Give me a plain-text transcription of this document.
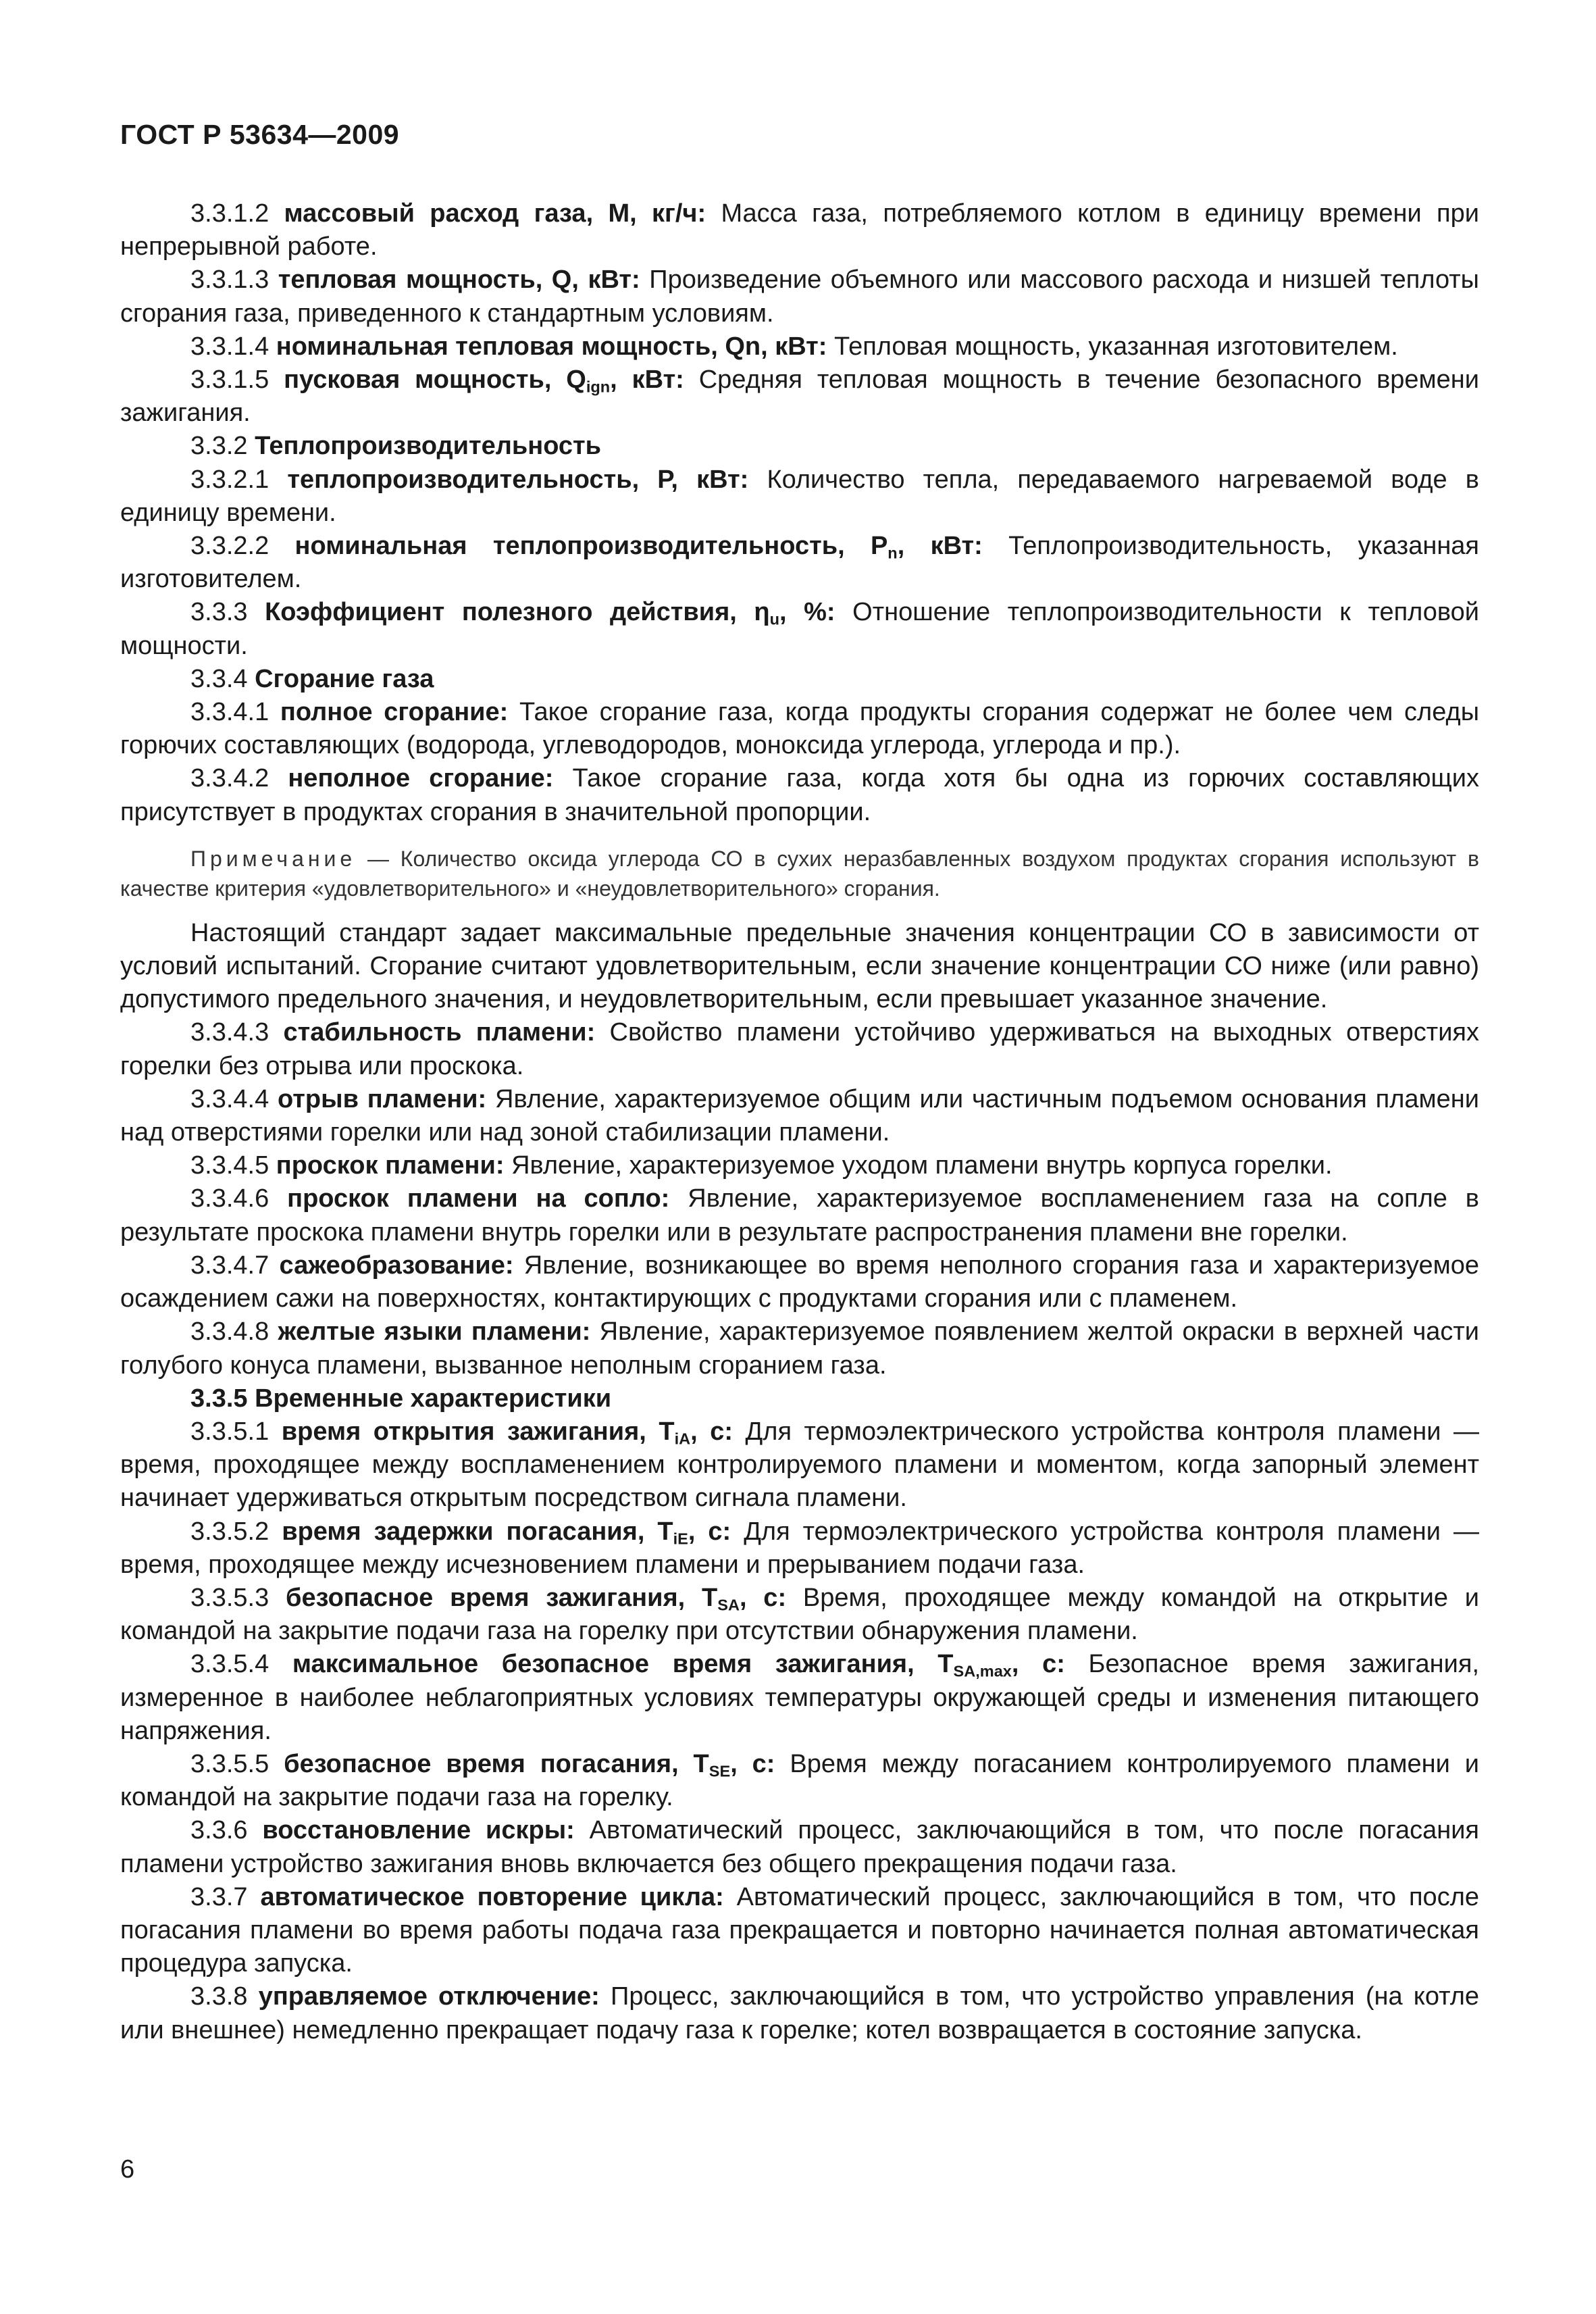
ГОСТ Р 53634—2009

3.3.1.2 массовый расход газа, М, кг/ч: Масса газа, потребляемого котлом в единицу времени при непрерывной работе.

3.3.1.3 тепловая мощность, Q, кВт: Произведение объемного или массового расхода и низшей теплоты сгорания газа, приведенного к стандартным условиям.

3.3.1.4 номинальная тепловая мощность, Qn, кВт: Тепловая мощность, указанная изготовителем.

3.3.1.5 пусковая мощность, $Q_{ign}$, кВт: Средняя тепловая мощность в течение безопасного времени зажигания.

3.3.2 Теплопроизводительность

3.3.2.1 теплопроизводительность, Р, кВт: Количество тепла, передаваемого нагреваемой воде в единицу времени.

3.3.2.2 номинальная теплопроизводительность, $Р_n$, кВт: Теплопроизводительность, указанная изготовителем.

3.3.3 Коэффициент полезного действия, $\eta_u$, %: Отношение теплопроизводительности к тепловой мощности.

3.3.4 Сгорание газа

3.3.4.1 полное сгорание: Такое сгорание газа, когда продукты сгорания содержат не более чем следы горючих составляющих (водорода, углеводородов, моноксида углерода, углерода и пр.).

3.3.4.2 неполное сгорание: Такое сгорание газа, когда хотя бы одна из горючих составляющих присутствует в продуктах сгорания в значительной пропорции.

Примечание — Количество оксида углерода СО в сухих неразбавленных воздухом продуктах сгорания используют в качестве критерия «удовлетворительного» и «неудовлетворительного» сгорания.

Настоящий стандарт задает максимальные предельные значения концентрации СО в зависимости от условий испытаний. Сгорание считают удовлетворительным, если значение концентрации СО ниже (или равно) допустимого предельного значения, и неудовлетворительным, если превышает указанное значение.

3.3.4.3 стабильность пламени: Свойство пламени устойчиво удерживаться на выходных отверстиях горелки без отрыва или проскока.

3.3.4.4 отрыв пламени: Явление, характеризуемое общим или частичным подъемом основания пламени над отверстиями горелки или над зоной стабилизации пламени.

3.3.4.5 проскок пламени: Явление, характеризуемое уходом пламени внутрь корпуса горелки.

3.3.4.6 проскок пламени на сопло: Явление, характеризуемое воспламенением газа на сопле в результате проскока пламени внутрь горелки или в результате распространения пламени вне горелки.

3.3.4.7 сажеобразование: Явление, возникающее во время неполного сгорания газа и характеризуемое осаждением сажи на поверхностях, контактирующих с продуктами сгорания или с пламенем.

3.3.4.8 желтые языки пламени: Явление, характеризуемое появлением желтой окраски в верхней части голубого конуса пламени, вызванное неполным сгоранием газа.

3.3.5 Временные характеристики

3.3.5.1 время открытия зажигания, $Т_{iA}$, с: Для термоэлектрического устройства контроля пламени — время, проходящее между воспламенением контролируемого пламени и моментом, когда запорный элемент начинает удерживаться открытым посредством сигнала пламени.

3.3.5.2 время задержки погасания, $Т_{iE}$, с: Для термоэлектрического устройства контроля пламени — время, проходящее между исчезновением пламени и прерыванием подачи газа.

3.3.5.3 безопасное время зажигания, $Т_{SA}$, с: Время, проходящее между командой на открытие и командой на закрытие подачи газа на горелку при отсутствии обнаружения пламени.

3.3.5.4 максимальное безопасное время зажигания, $Т_{SA,max}$, с: Безопасное время зажигания, измеренное в наиболее неблагоприятных условиях температуры окружающей среды и изменения питающего напряжения.

3.3.5.5 безопасное время погасания, $Т_{SE}$, с: Время между погасанием контролируемого пламени и командой на закрытие подачи газа на горелку.

3.3.6 восстановление искры: Автоматический процесс, заключающийся в том, что после погасания пламени устройство зажигания вновь включается без общего прекращения подачи газа.

3.3.7 автоматическое повторение цикла: Автоматический процесс, заключающийся в том, что после погасания пламени во время работы подача газа прекращается и повторно начинается полная автоматическая процедура запуска.

3.3.8 управляемое отключение: Процесс, заключающийся в том, что устройство управления (на котле или внешнее) немедленно прекращает подачу газа к горелке; котел возвращается в состояние запуска.

6
